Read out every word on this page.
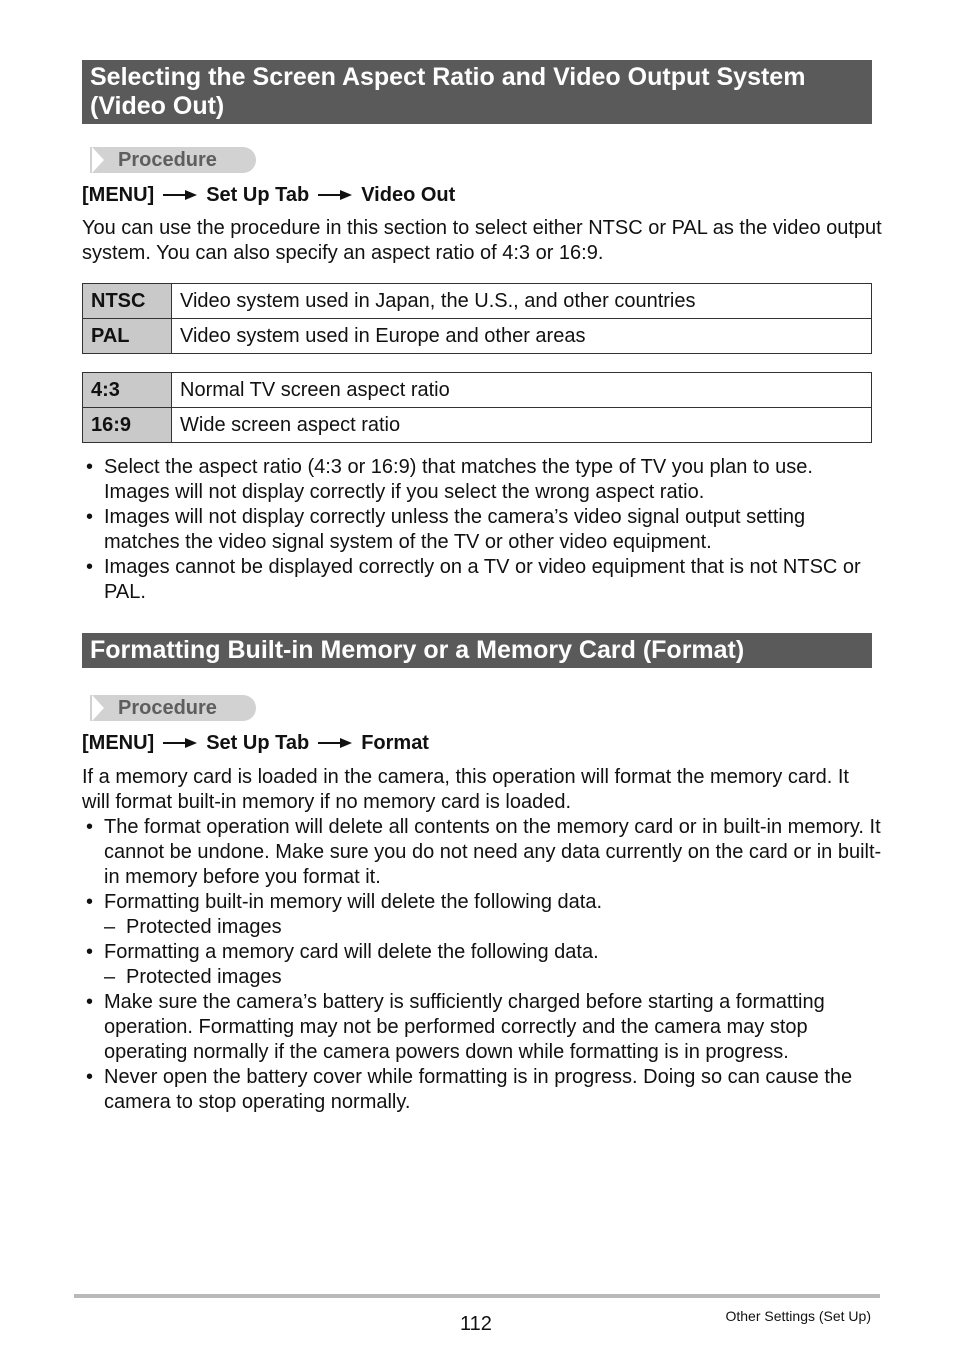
Selecting the Screen Aspect Ratio and Video Output System (Video Out)
Procedure
[MENU]	Set Up Tab	Video Out
You can use the procedure in this section to select either NTSC or PAL as the video output system. You can also specify an aspect ratio of 4:3 or 16:9.
NTSC	Video system used in Japan, the U.S., and other countries
PAL	Video system used in Europe and other areas
4:3	Normal TV screen aspect ratio
16:9	Wide screen aspect ratio
• Select the aspect ratio (4:3 or 16:9) that matches the type of TV you plan to use. Images will not display correctly if you select the wrong aspect ratio.
• Images will not display correctly unless the camera’s video signal output setting matches the video signal system of the TV or other video equipment.
• Images cannot be displayed correctly on a TV or video equipment that is not NTSC or PAL.
Formatting Built-in Memory or a Memory Card (Format)
Procedure
[MENU]	Set Up Tab	Format
If a memory card is loaded in the camera, this operation will format the memory card. It will format built-in memory if no memory card is loaded.
• The format operation will delete all contents on the memory card or in built-in memory. It cannot be undone. Make sure you do not need any data currently on the card or in built-in memory before you format it.
• Formatting built-in memory will delete the following data.
– Protected images
• Formatting a memory card will delete the following data.
– Protected images
• Make sure the camera’s battery is sufficiently charged before starting a formatting operation. Formatting may not be performed correctly and the camera may stop operating normally if the camera powers down while formatting is in progress.
• Never open the battery cover while formatting is in progress. Doing so can cause the camera to stop operating normally.
112	Other Settings (Set Up)
